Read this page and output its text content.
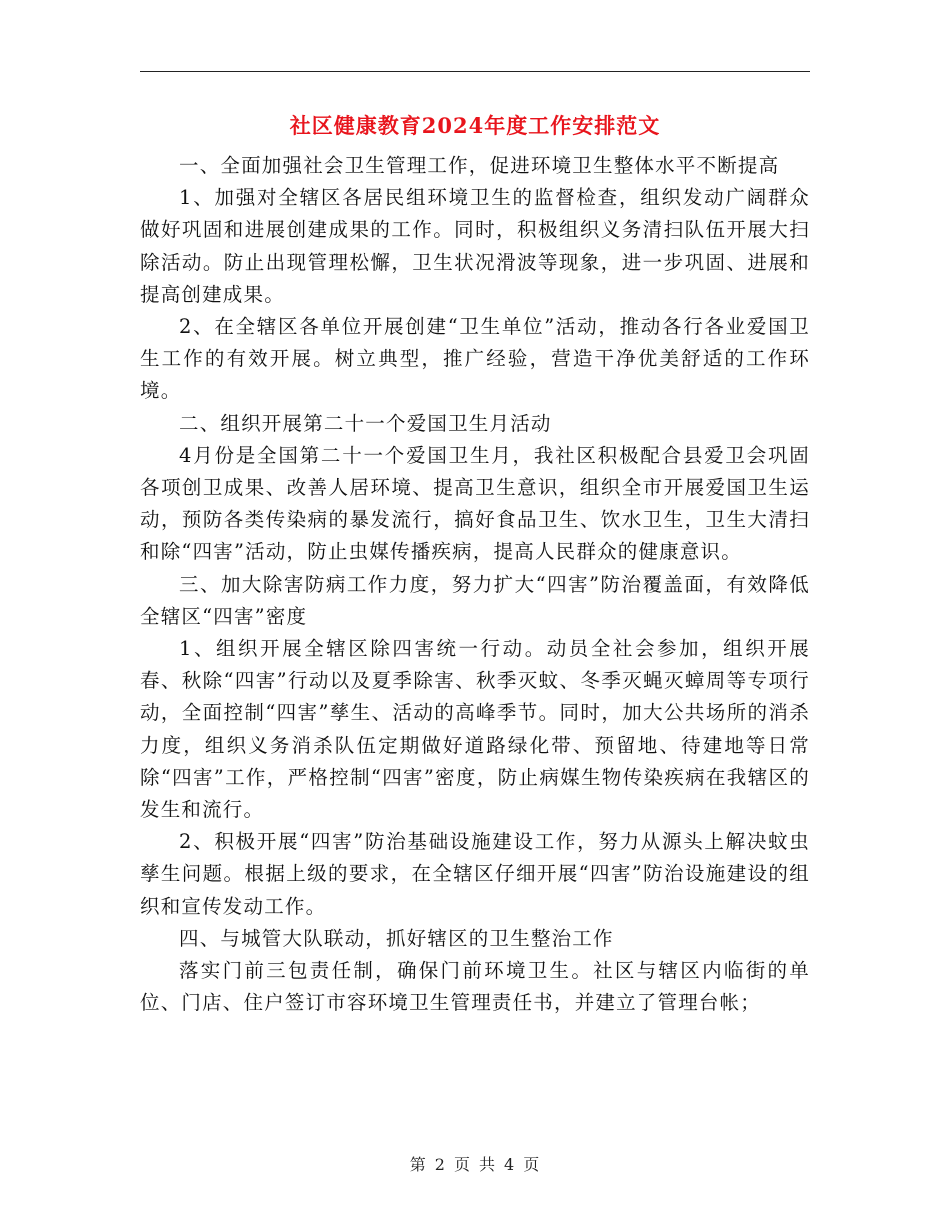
社区健康教育2024年度工作安排范文

一、全面加强社会卫生管理工作，促进环境卫生整体水平不断提高

1、加强对全辖区各居民组环境卫生的监督检查，组织发动广阔群众做好巩固和进展创建成果的工作。同时，积极组织义务清扫队伍开展大扫除活动。防止出现管理松懈，卫生状况滑波等现象，进一步巩固、进展和提高创建成果。

2、在全辖区各单位开展创建“卫生单位”活动，推动各行各业爱国卫生工作的有效开展。树立典型，推广经验，营造干净优美舒适的工作环境。

二、组织开展第二十一个爱国卫生月活动

4月份是全国第二十一个爱国卫生月，我社区积极配合县爱卫会巩固各项创卫成果、改善人居环境、提高卫生意识，组织全市开展爱国卫生运动，预防各类传染病的暴发流行，搞好食品卫生、饮水卫生，卫生大清扫和除“四害”活动，防止虫媒传播疾病，提高人民群众的健康意识。

三、加大除害防病工作力度，努力扩大“四害”防治覆盖面，有效降低全辖区“四害”密度

1、组织开展全辖区除四害统一行动。动员全社会参加，组织开展春、秋除“四害”行动以及夏季除害、秋季灭蚊、冬季灭蝇灭蟑周等专项行动，全面控制“四害”孳生、活动的高峰季节。同时，加大公共场所的消杀力度，组织义务消杀队伍定期做好道路绿化带、预留地、待建地等日常除“四害”工作，严格控制“四害”密度，防止病媒生物传染疾病在我辖区的发生和流行。

2、积极开展“四害”防治基础设施建设工作，努力从源头上解决蚊虫孳生问题。根据上级的要求，在全辖区仔细开展“四害”防治设施建设的组织和宣传发动工作。

四、与城管大队联动，抓好辖区的卫生整治工作

落实门前三包责任制，确保门前环境卫生。社区与辖区内临街的单位、门店、住户签订市容环境卫生管理责任书，并建立了管理台帐；

第 2 页 共 4 页
